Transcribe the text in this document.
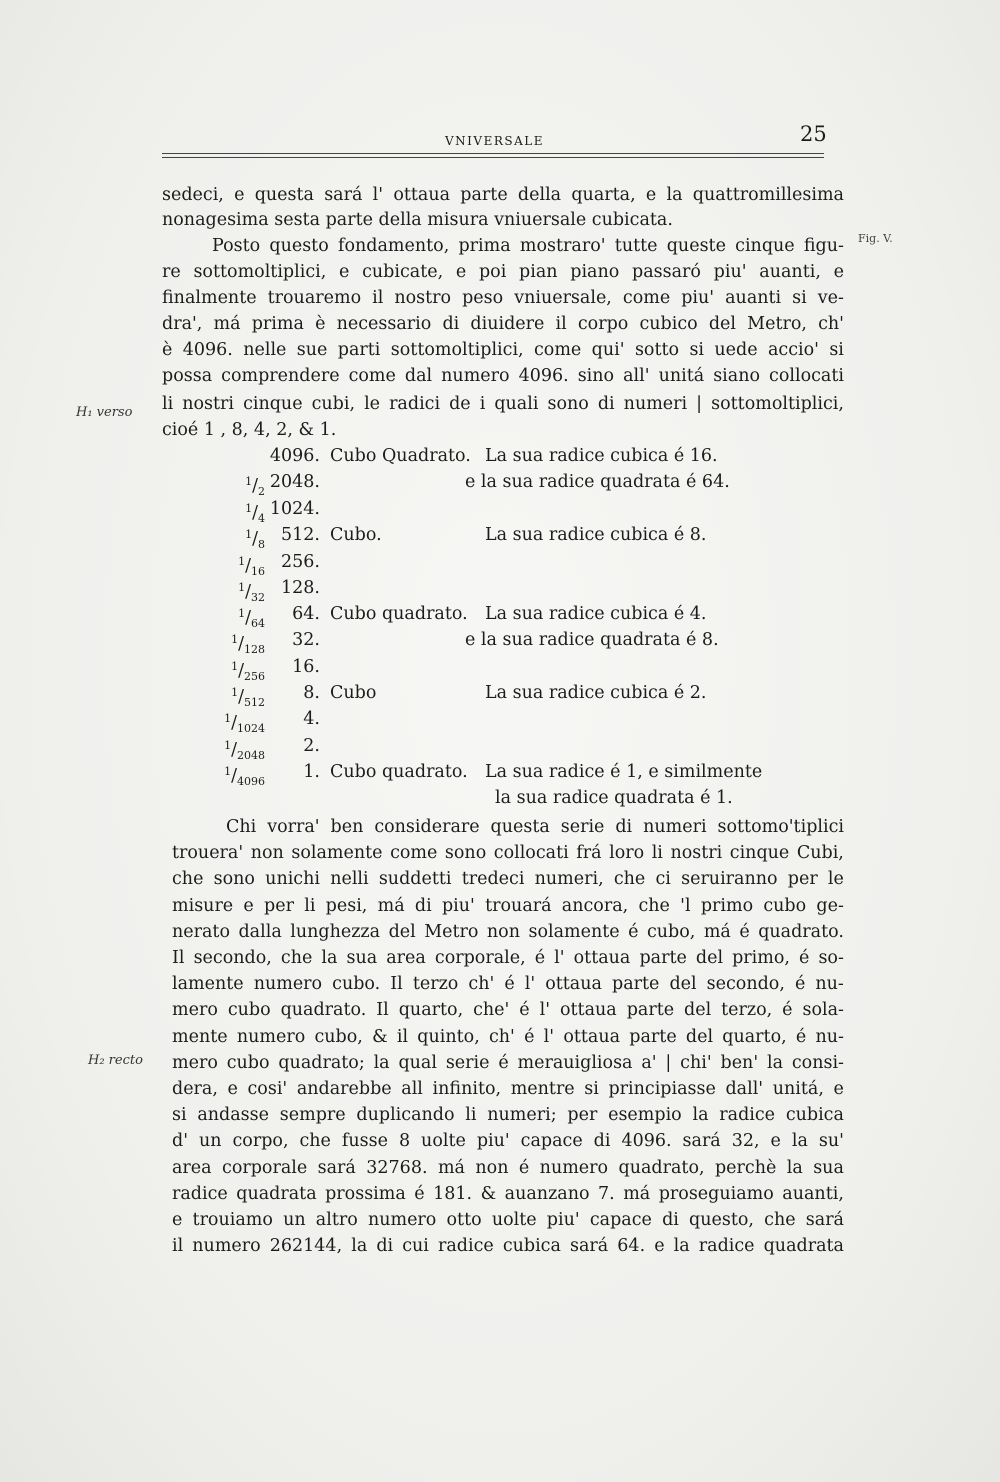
VNIVERSALE	25
Fig. V.
H₁ verso
H₂ recto
sedeci, e questa sará l' ottaua parte della quarta, e la quattromillesima
nonagesima sesta parte della misura vniuersale cubicata.
Posto questo fondamento, prima mostraro' tutte queste cinque figu-
re sottomoltiplici, e cubicate, e poi pian piano passaró piu' auanti, e
finalmente trouaremo il nostro peso vniuersale, come piu' auanti si ve-
dra', má prima è necessario di diuidere il corpo cubico del Metro, ch'
è 4096. nelle sue parti sottomoltiplici, come qui' sotto si uede accio' si
possa comprendere come dal numero 4096. sino all' unitá siano collocati
li nostri cinque cubi, le radici de i quali sono di numeri | sottomoltiplici,
cioé 1 , 8, 4, 2, & 1.
4096. Cubo Quadrato. La sua radice cubica é 16.
$^1/_2$ 2048.	e la sua radice quadrata é 64.
$^1/_4$ 1024.
$^1/_8$ 512. Cubo.	La sua radice cubica é 8.
$^1/_{16}$ 256.
$^1/_{32}$ 128.
$^1/_{64}$	64. Cubo quadrato. La sua radice cubica é 4.
$^1/_{128}$	32.	e la sua radice quadrata é 8.
$^1/_{256}$	16.
$^1/_{512}$	8. Cubo	La sua radice cubica é 2.
$^1/_{1024}$	4.
$^1/_{2048}$	2.
$^1/_{4096}$	1. Cubo quadrato. La sua radice é 1, e similmente
la sua radice quadrata é 1.
Chi vorra' ben considerare questa serie di numeri sottomo'tiplici
trouera' non solamente come sono collocati frá loro li nostri cinque Cubi,
che sono unichi nelli suddetti tredeci numeri, che ci seruiranno per le
misure e per li pesi, má di piu' trouará ancora, che 'l primo cubo ge-
nerato dalla lunghezza del Metro non solamente é cubo, má é quadrato.
Il secondo, che la sua area corporale, é l' ottaua parte del primo, é so-
lamente numero cubo. Il terzo ch' é l' ottaua parte del secondo, é nu-
mero cubo quadrato. Il quarto, che' é l' ottaua parte del terzo, é sola-
mente numero cubo, & il quinto, ch' é l' ottaua parte del quarto, é nu-
mero cubo quadrato; la qual serie é merauigliosa a' | chi' ben' la consi-
dera, e cosi' andarebbe all infinito, mentre si principiasse dall' unitá, e
si andasse sempre duplicando li numeri; per esempio la radice cubica
d' un corpo, che fusse 8 uolte piu' capace di 4096. sará 32, e la su'
area corporale sará 32768. má non é numero quadrato, perchè la sua
radice quadrata prossima é 181. & auanzano 7. má proseguiamo auanti,
e trouiamo un altro numero otto uolte piu' capace di questo, che sará
il numero 262144, la di cui radice cubica sará 64. e la radice quadrata
